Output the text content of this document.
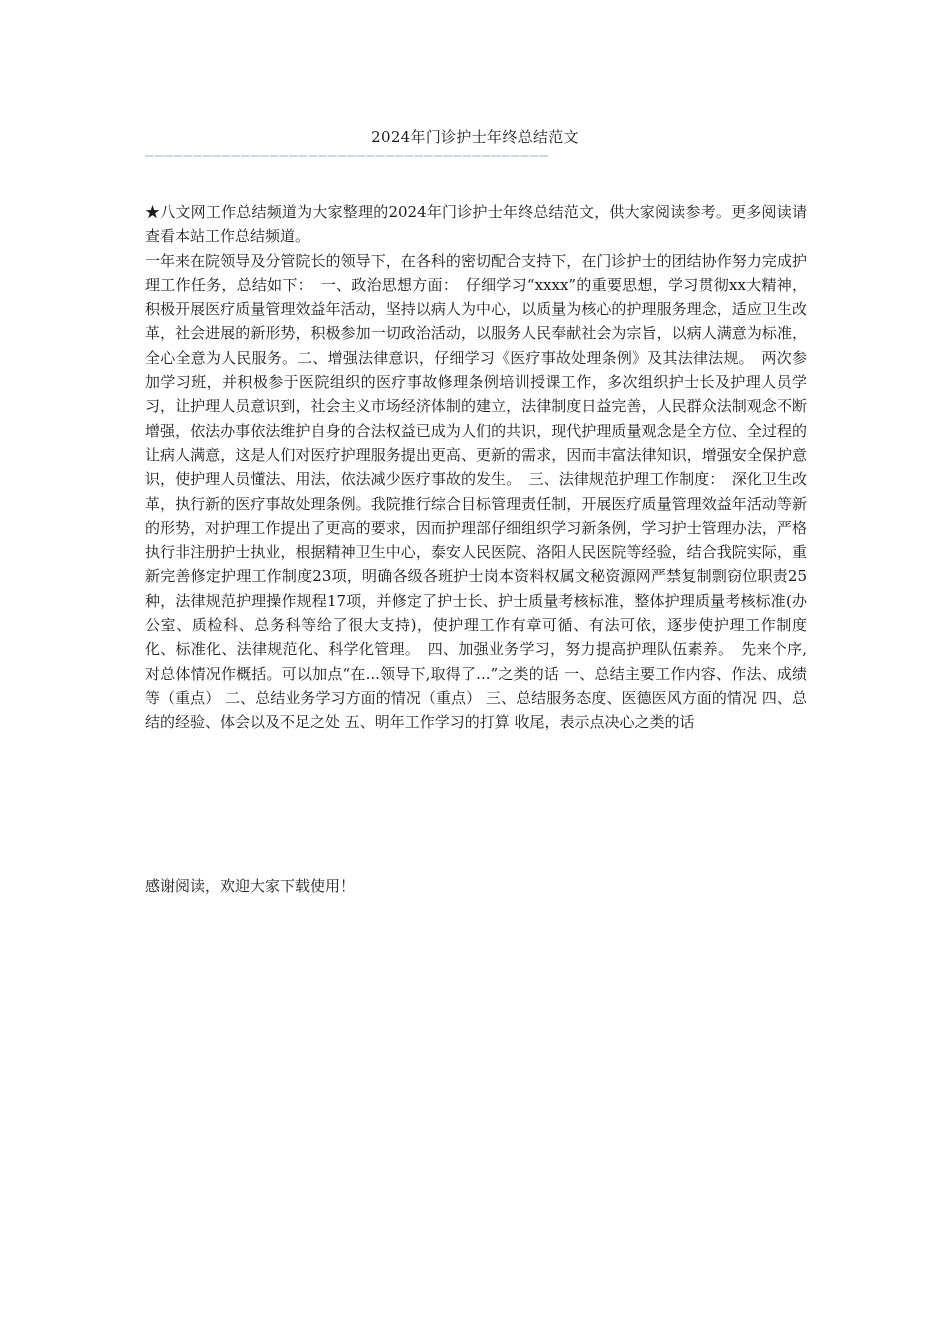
2024年门诊护士年终总结范文
——————————————————————————————————————————

★八文网工作总结频道为大家整理的2024年门诊护士年终总结范文，供大家阅读参考。更多阅读请查看本站工作总结频道。

一年来在院领导及分管院长的领导下，在各科的密切配合支持下，在门诊护士的团结协作努力完成护理工作任务，总结如下：　一、政治思想方面：　仔细学习“xxxx”的重要思想，学习贯彻xx大精神，积极开展医疗质量管理效益年活动，坚持以病人为中心，以质量为核心的护理服务理念，适应卫生改革，社会进展的新形势，积极参加一切政治活动，以服务人民奉献社会为宗旨，以病人满意为标准，全心全意为人民服务。二、增强法律意识，仔细学习《医疗事故处理条例》及其法律法规。　两次参加学习班，并积极参于医院组织的医疗事故修理条例培训授课工作，多次组织护士长及护理人员学习，让护理人员意识到，社会主义市场经济体制的建立，法律制度日益完善，人民群众法制观念不断增强，依法办事依法维护自身的合法权益已成为人们的共识，现代护理质量观念是全方位、全过程的让病人满意，这是人们对医疗护理服务提出更高、更新的需求，因而丰富法律知识，增强安全保护意识，使护理人员懂法、用法，依法减少医疗事故的发生。　三、法律规范护理工作制度：　深化卫生改革，执行新的医疗事故处理条例。我院推行综合目标管理责任制，开展医疗质量管理效益年活动等新的形势，对护理工作提出了更高的要求，因而护理部仔细组织学习新条例，学习护士管理办法，严格执行非注册护士执业，根据精神卫生中心，泰安人民医院、洛阳人民医院等经验，结合我院实际，重新完善修定护理工作制度23项，明确各级各班护士岗本资料权属文秘资源网严禁复制剽窃位职责25种，法律规范护理操作规程17项，并修定了护士长、护士质量考核标准，整体护理质量考核标准(办公室、质检科、总务科等给了很大支持)，使护理工作有章可循、有法可依，逐步使护理工作制度化、标准化、法律规范化、科学化管理。　四、加强业务学习，努力提高护理队伍素养。　先来个序,对总体情况作概括。可以加点“在...领导下,取得了...”之类的话 一、总结主要工作内容、作法、成绩等（重点） 二、总结业务学习方面的情况（重点） 三、总结服务态度、医德医风方面的情况 四、总结的经验、体会以及不足之处 五、明年工作学习的打算 收尾，表示点决心之类的话

感谢阅读，欢迎大家下载使用！
